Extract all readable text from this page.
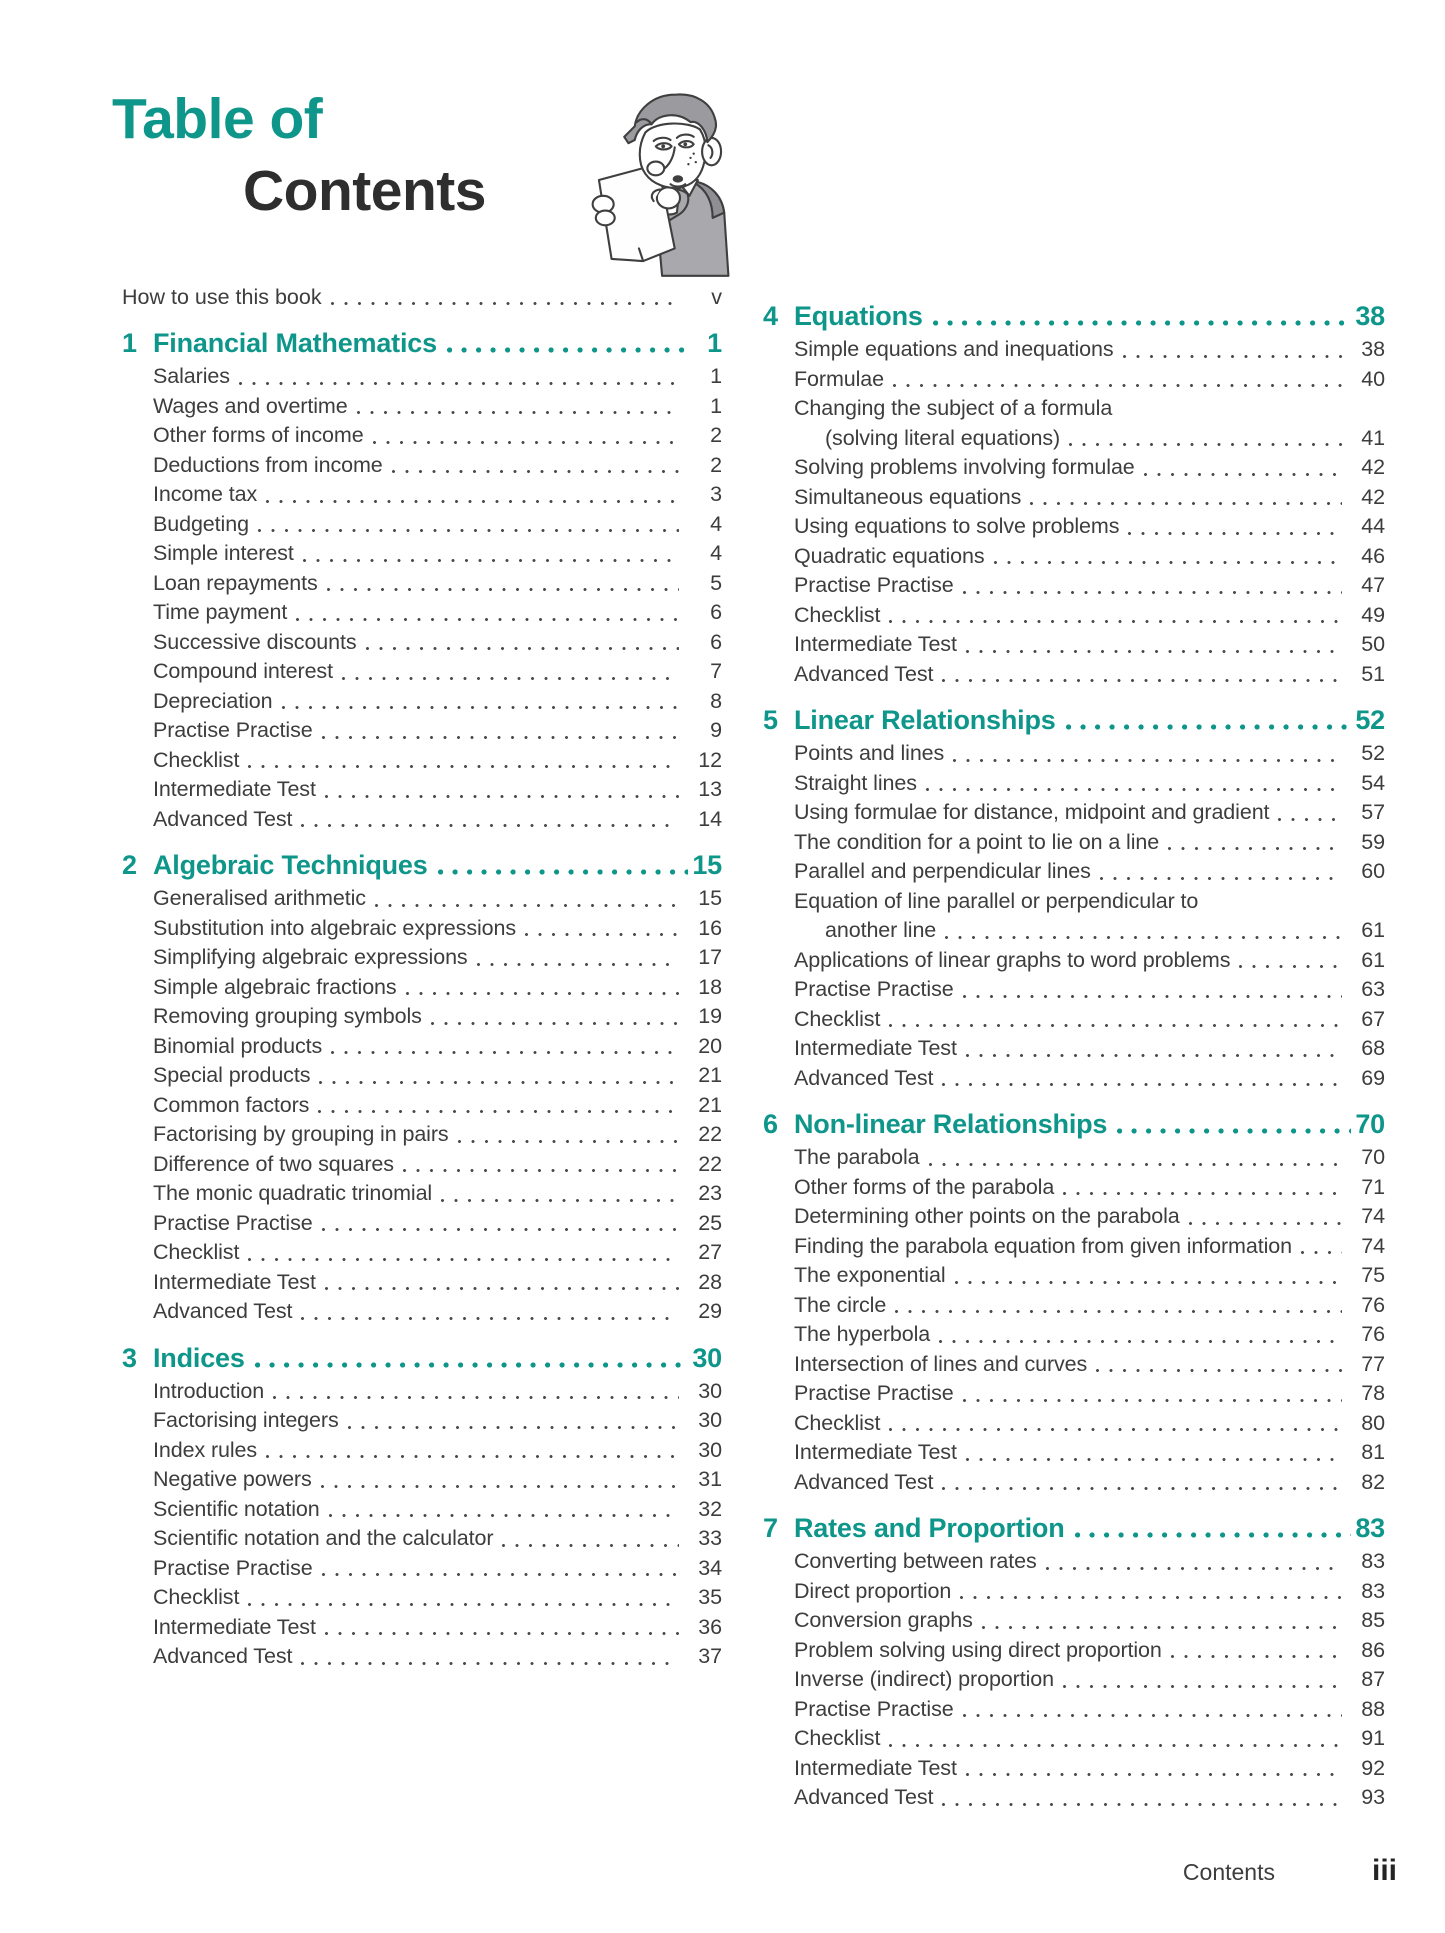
Table of
Contents
How to use this book	v
1 Financial Mathematics	1
Salaries	1
Wages and overtime	1
Other forms of income	2
Deductions from income	2
Income tax	3
Budgeting	4
Simple interest	4
Loan repayments	5
Time payment	6
Successive discounts	6
Compound interest	7
Depreciation	8
Practise Practise	9
Checklist	12
Intermediate Test	13
Advanced Test	14
2 Algebraic Techniques	15
Generalised arithmetic	15
Substitution into algebraic expressions	16
Simplifying algebraic expressions	17
Simple algebraic fractions	18
Removing grouping symbols	19
Binomial products	20
Special products	21
Common factors	21
Factorising by grouping in pairs	22
Difference of two squares	22
The monic quadratic trinomial	23
Practise Practise	25
Checklist	27
Intermediate Test	28
Advanced Test	29
3 Indices	30
Introduction	30
Factorising integers	30
Index rules	30
Negative powers	31
Scientific notation	32
Scientific notation and the calculator	33
Practise Practise	34
Checklist	35
Intermediate Test	36
Advanced Test	37
4 Equations	38
Simple equations and inequations	38
Formulae	40
Changing the subject of a formula
(solving literal equations)	41
Solving problems involving formulae	42
Simultaneous equations	42
Using equations to solve problems	44
Quadratic equations	46
Practise Practise	47
Checklist	49
Intermediate Test	50
Advanced Test	51
5 Linear Relationships	52
Points and lines	52
Straight lines	54
Using formulae for distance, midpoint and gradient	57
The condition for a point to lie on a line	59
Parallel and perpendicular lines	60
Equation of line parallel or perpendicular to
another line	61
Applications of linear graphs to word problems	61
Practise Practise	63
Checklist	67
Intermediate Test	68
Advanced Test	69
6 Non-linear Relationships	70
The parabola	70
Other forms of the parabola	71
Determining other points on the parabola	74
Finding the parabola equation from given information	74
The exponential	75
The circle	76
The hyperbola	76
Intersection of lines and curves	77
Practise Practise	78
Checklist	80
Intermediate Test	81
Advanced Test	82
7 Rates and Proportion	83
Converting between rates	83
Direct proportion	83
Conversion graphs	85
Problem solving using direct proportion	86
Inverse (indirect) proportion	87
Practise Practise	88
Checklist	91
Intermediate Test	92
Advanced Test	93
Contents	iii
